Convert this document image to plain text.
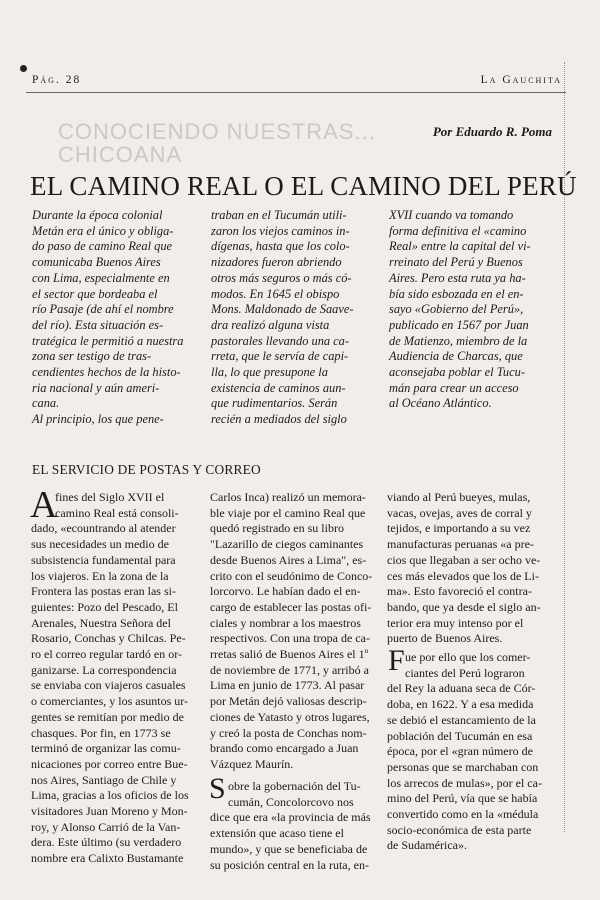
Pág. 28	La Gauchita
CONOCIENDO NUESTRAS...
CHICOANA
Por Eduardo R. Poma
EL CAMINO REAL O EL CAMINO DEL PERÚ
Durante la época colonial
Metán era el único y obliga-
do paso de camino Real que
comunicaba Buenos Aires
con Lima, especialmente en
el sector que bordeaba el
río Pasaje (de ahí el nombre
del río). Esta situación es-
tratégica le permitió a nuestra
zona ser testigo de tras-
cendientes hechos de la histo-
ria nacional y aún ameri-
cana.
Al principio, los que pene-
traban en el Tucumán utili-
zaron los viejos caminos in-
dígenas, hasta que los colo-
nizadores fueron abriendo
otros más seguros o más có-
modos. En 1645 el obispo
Mons. Maldonado de Saave-
dra realizó alguna vista
pastorales llevando una ca-
rreta, que le servía de capi-
lla, lo que presupone la
existencia de caminos aun-
que rudimentarios. Serán
recién a mediados del siglo
XVII cuando va tomando
forma definitiva el «camino
Real» entre la capital del vi-
rreinato del Perú y Buenos
Aires. Pero esta ruta ya ha-
bía sido esbozada en el en-
sayo «Gobierno del Perú»,
publicado en 1567 por Juan
de Matienzo, miembro de la
Audiencia de Charcas, que
aconsejaba poblar el Tucu-
mán para crear un acceso
al Océano Atlántico.
EL SERVICIO DE POSTAS Y CORREO
A
fines del Siglo XVII el
camino Real está consoli-
dado, «ecountrando al atender
sus necesidades un medio de
subsistencia fundamental para
los viajeros. En la zona de la
Frontera las postas eran las si-
guientes: Pozo del Pescado, El
Arenales, Nuestra Señora del
Rosario, Conchas y Chilcas. Pe-
ro el correo regular tardó en or-
ganizarse. La correspondencia
se enviaba con viajeros casuales
o comerciantes, y los asuntos ur-
gentes se remitían por medio de
chasques. Por fin, en 1773 se
terminó de organizar las comu-
nicaciones por correo entre Bue-
nos Aires, Santiago de Chile y
Lima, gracias a los oficios de los
visitadores Juan Moreno y Mon-
roy, y Alonso Carrió de la Van-
dera. Este último (su verdadero
nombre era Calixto Bustamante
Carlos Inca) realizó un memora-
ble viaje por el camino Real que
quedó registrado en su libro
"Lazarillo de ciegos caminantes
desde Buenos Aires a Lima", es-
crito con el seudónimo de Conco-
lorcorvo. Le habían dado el en-
cargo de establecer las postas ofi-
ciales y nombrar a los maestros
respectivos. Con una tropa de ca-
rretas salió de Buenos Aires el 1º
de noviembre de 1771, y arribó a
Lima en junio de 1773. Al pasar
por Metán dejó valiosas descrip-
ciones de Yatasto y otros lugares,
y creó la posta de Conchas nom-
brando como encargado a Juan
Vázquez Maurín.
S obre la gobernación del Tu-
cumán, Concolorcovo nos
dice que era «la provincia de más
extensión que acaso tiene el
mundo», y que se beneficiaba de
su posición central en la ruta, en-
viando al Perú bueyes, mulas,
vacas, ovejas, aves de corral y
tejidos, e importando a su vez
manufacturas peruanas «a pre-
cios que llegaban a ser ocho ve-
ces más elevados que los de Li-
ma». Esto favoreció el contra-
bando, que ya desde el siglo an-
terior era muy intenso por el
puerto de Buenos Aires.
F ue por ello que los comer-
ciantes del Perú lograron
del Rey la aduana seca de Cór-
doba, en 1622. Y a esa medida
se debió el estancamiento de la
población del Tucumán en esa
época, por el «gran número de
personas que se marchaban con
los arrecos de mulas», por el ca-
mino del Perú, vía que se había
convertido como en la «médula
socio-económica de esta parte
de Sudamérica».
